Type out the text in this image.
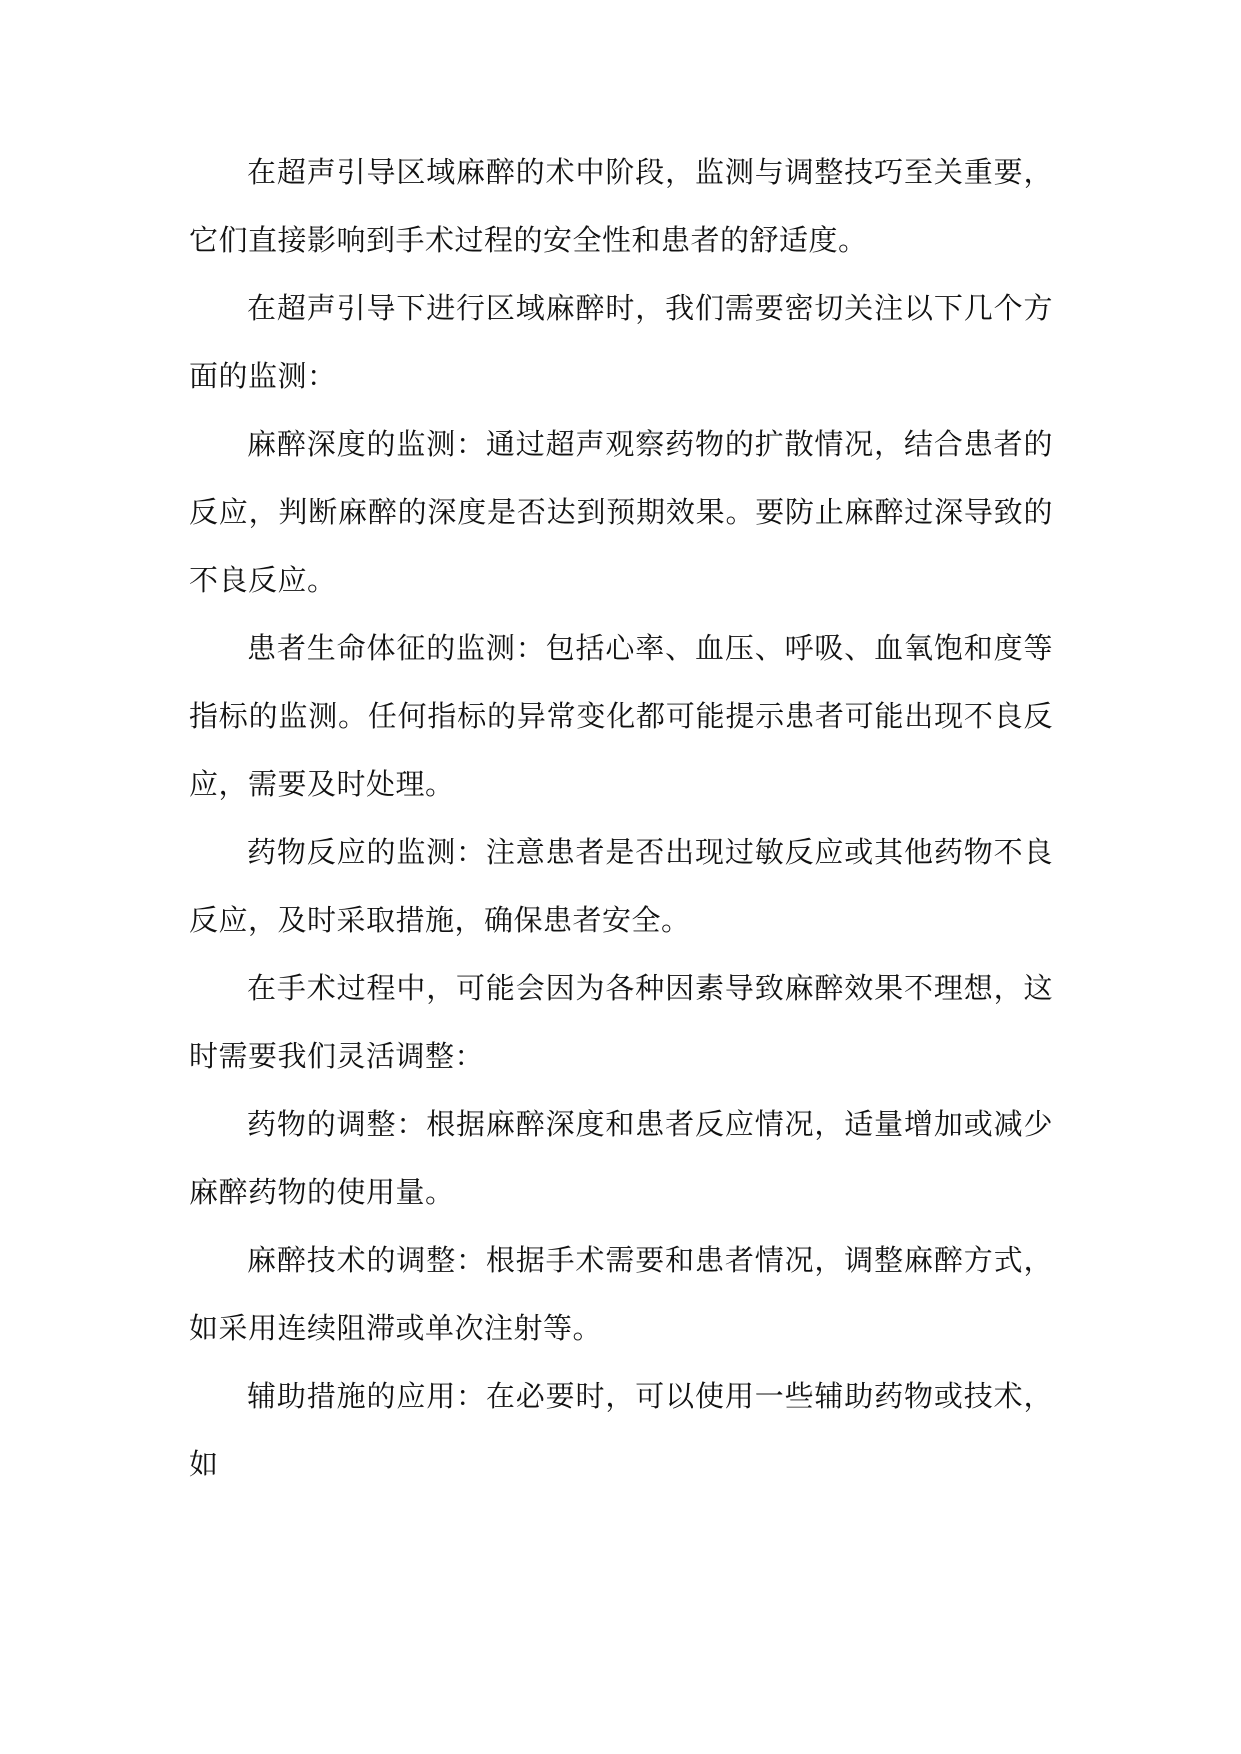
在超声引导区域麻醉的术中阶段，监测与调整技巧至关重要，它们直接影响到手术过程的安全性和患者的舒适度。

在超声引导下进行区域麻醉时，我们需要密切关注以下几个方面的监测：

麻醉深度的监测：通过超声观察药物的扩散情况，结合患者的反应，判断麻醉的深度是否达到预期效果。要防止麻醉过深导致的不良反应。

患者生命体征的监测：包括心率、血压、呼吸、血氧饱和度等指标的监测。任何指标的异常变化都可能提示患者可能出现不良反应，需要及时处理。

药物反应的监测：注意患者是否出现过敏反应或其他药物不良反应，及时采取措施，确保患者安全。

在手术过程中，可能会因为各种因素导致麻醉效果不理想，这时需要我们灵活调整：

药物的调整：根据麻醉深度和患者反应情况，适量增加或减少麻醉药物的使用量。

麻醉技术的调整：根据手术需要和患者情况，调整麻醉方式，如采用连续阻滞或单次注射等。

辅助措施的应用：在必要时，可以使用一些辅助药物或技术，如
